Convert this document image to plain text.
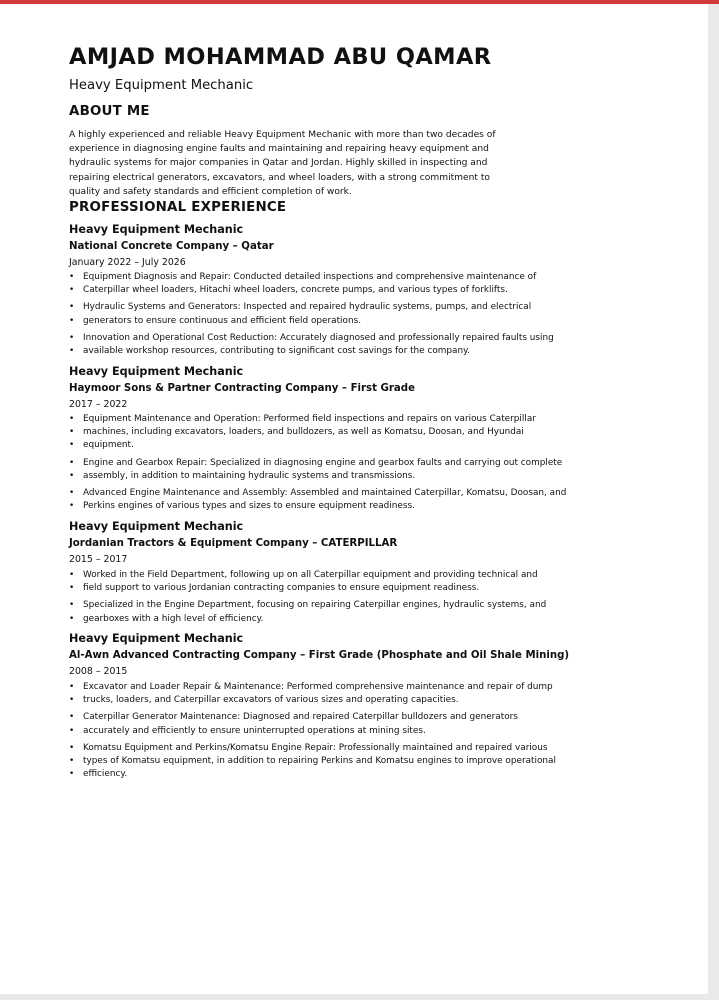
AMJAD MOHAMMAD ABU QAMAR
Heavy Equipment Mechanic
ABOUT ME
A highly experienced and reliable Heavy Equipment Mechanic with more than two decades of
experience in diagnosing engine faults and maintaining and repairing heavy equipment and
hydraulic systems for major companies in Qatar and Jordan. Highly skilled in inspecting and
repairing electrical generators, excavators, and wheel loaders, with a strong commitment to
quality and safety standards and efficient completion of work.
PROFESSIONAL EXPERIENCE
Heavy Equipment Mechanic
National Concrete Company – Qatar
January 2022 – July 2026
• Equipment Diagnosis and Repair: Conducted detailed inspections and comprehensive maintenance of
• Caterpillar wheel loaders, Hitachi wheel loaders, concrete pumps, and various types of forklifts.
• Hydraulic Systems and Generators: Inspected and repaired hydraulic systems, pumps, and electrical
• generators to ensure continuous and efficient field operations.
• Innovation and Operational Cost Reduction: Accurately diagnosed and professionally repaired faults using
• available workshop resources, contributing to significant cost savings for the company.
Heavy Equipment Mechanic
Haymoor Sons & Partner Contracting Company – First Grade
2017 – 2022
• Equipment Maintenance and Operation: Performed field inspections and repairs on various Caterpillar
• machines, including excavators, loaders, and bulldozers, as well as Komatsu, Doosan, and Hyundai
• equipment.
• Engine and Gearbox Repair: Specialized in diagnosing engine and gearbox faults and carrying out complete
• assembly, in addition to maintaining hydraulic systems and transmissions.
• Advanced Engine Maintenance and Assembly: Assembled and maintained Caterpillar, Komatsu, Doosan, and
• Perkins engines of various types and sizes to ensure equipment readiness.
Heavy Equipment Mechanic
Jordanian Tractors & Equipment Company – CATERPILLAR
2015 – 2017
• Worked in the Field Department, following up on all Caterpillar equipment and providing technical and
• field support to various Jordanian contracting companies to ensure equipment readiness.
• Specialized in the Engine Department, focusing on repairing Caterpillar engines, hydraulic systems, and
• gearboxes with a high level of efficiency.
Heavy Equipment Mechanic
Al-Awn Advanced Contracting Company – First Grade (Phosphate and Oil Shale Mining)
2008 – 2015
• Excavator and Loader Repair & Maintenance: Performed comprehensive maintenance and repair of dump
• trucks, loaders, and Caterpillar excavators of various sizes and operating capacities.
• Caterpillar Generator Maintenance: Diagnosed and repaired Caterpillar bulldozers and generators
• accurately and efficiently to ensure uninterrupted operations at mining sites.
• Komatsu Equipment and Perkins/Komatsu Engine Repair: Professionally maintained and repaired various
• types of Komatsu equipment, in addition to repairing Perkins and Komatsu engines to improve operational
• efficiency.
